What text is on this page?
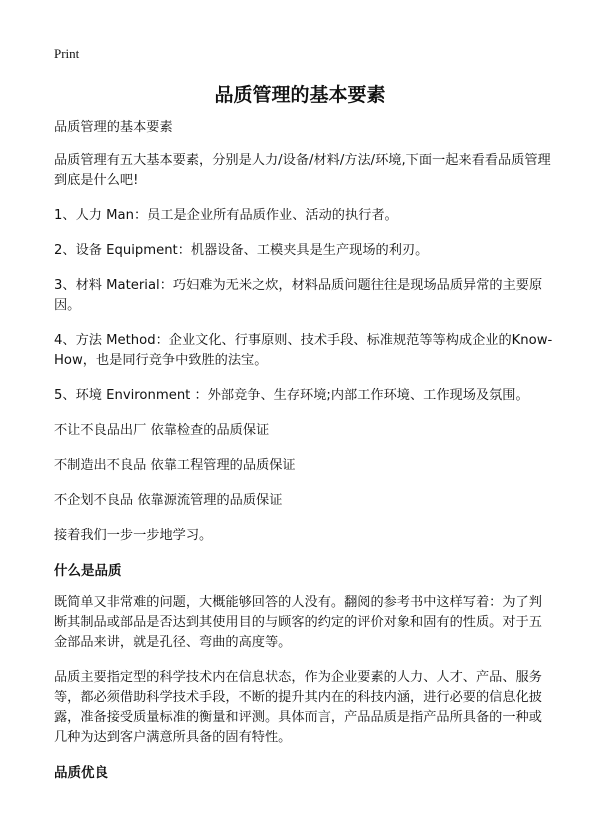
Print
品质管理的基本要素

品质管理的基本要素

品质管理有五大基本要素，分别是人力/设备/材料/方法/环境,下面一起来看看品质管理到底是什么吧!

1、人力 Man：员工是企业所有品质作业、活动的执行者。

2、设备 Equipment：机器设备、工模夹具是生产现场的利刃。

3、材料 Material：巧妇难为无米之炊，材料品质问题往往是现场品质异常的主要原因。

4、方法 Method：企业文化、行事原则、技术手段、标准规范等等构成企业的Know-How，也是同行竞争中致胜的法宝。

5、环境 Environment ：外部竞争、生存环境;内部工作环境、工作现场及氛围。

不让不良品出厂 依靠检查的品质保证

不制造出不良品 依靠工程管理的品质保证

不企划不良品 依靠源流管理的品质保证

接着我们一步一步地学习。

什么是品质

既简单又非常难的问题，大概能够回答的人没有。翻阅的参考书中这样写着：为了判断其制品或部品是否达到其使用目的与顾客的约定的评价对象和固有的性质。对于五金部品来讲，就是孔径、弯曲的高度等。

品质主要指定型的科学技术内在信息状态，作为企业要素的人力、人才、产品、服务等，都必须借助科学技术手段，不断的提升其内在的科技内涵，进行必要的信息化披露，准备接受质量标准的衡量和评测。具体而言，产品品质是指产品所具备的一种或几种为达到客户满意所具备的固有特性。

品质优良
